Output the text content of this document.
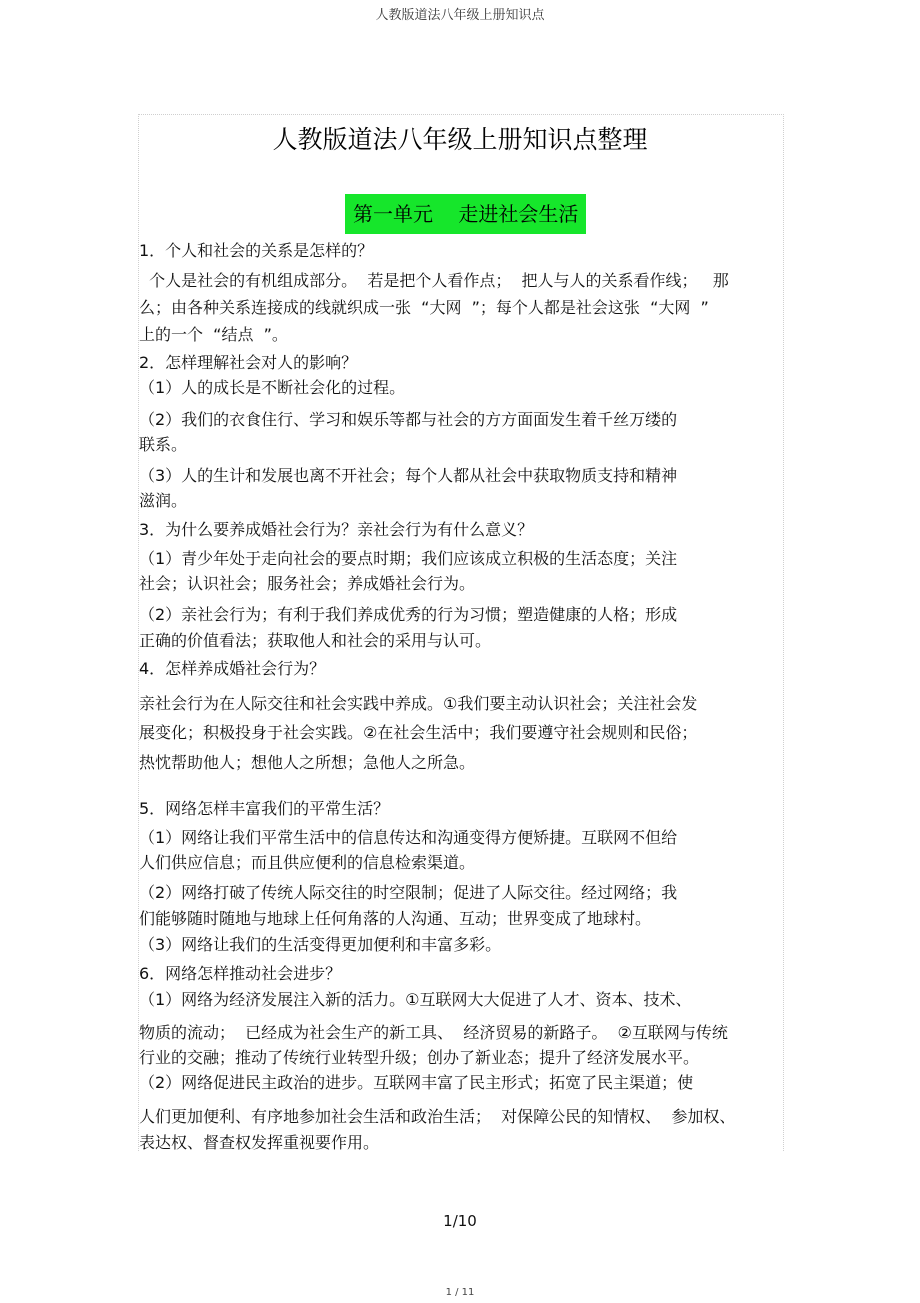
人教版道法八年级上册知识点
人教版道法八年级上册知识点整理
第一单元    走进社会生活
1．个人和社会的关系是怎样的？
个人是社会的有机组成部分。  若是把个人看作点；  把人与人的关系看作线；   那
么；由各种关系连接成的线就织成一张  “大网  ”；每个人都是社会这张  “大网  ”
上的一个  “结点  ”。
2．怎样理解社会对人的影响？
（1）人的成长是不断社会化的过程。
（2）我们的衣食住行、学习和娱乐等都与社会的方方面面发生着千丝万缕的
联系。
（3）人的生计和发展也离不开社会；每个人都从社会中获取物质支持和精神
滋润。
3．为什么要养成婚社会行为？亲社会行为有什么意义？
（1）青少年处于走向社会的要点时期；我们应该成立积极的生活态度；关注
社会；认识社会；服务社会；养成婚社会行为。
（2）亲社会行为；有利于我们养成优秀的行为习惯；塑造健康的人格；形成
正确的价值看法；获取他人和社会的采用与认可。
4．怎样养成婚社会行为？
亲社会行为在人际交往和社会实践中养成。①我们要主动认识社会；关注社会发
展变化；积极投身于社会实践。②在社会生活中；我们要遵守社会规则和民俗；
热忱帮助他人；想他人之所想；急他人之所急。
5．网络怎样丰富我们的平常生活？
（1）网络让我们平常生活中的信息传达和沟通变得方便矫捷。互联网不但给
人们供应信息；而且供应便利的信息检索渠道。
（2）网络打破了传统人际交往的时空限制；促进了人际交往。经过网络；我
们能够随时随地与地球上任何角落的人沟通、互动；世界变成了地球村。
（3）网络让我们的生活变得更加便利和丰富多彩。
6．网络怎样推动社会进步？
（1）网络为经济发展注入新的活力。①互联网大大促进了人才、资本、技术、
物质的流动；  已经成为社会生产的新工具、  经济贸易的新路子。  ②互联网与传统
行业的交融；推动了传统行业转型升级；创办了新业态；提升了经济发展水平。
（2）网络促进民主政治的进步。互联网丰富了民主形式；拓宽了民主渠道；使
人们更加便利、有序地参加社会生活和政治生活；  对保障公民的知情权、  参加权、
表达权、督查权发挥重视要作用。
1/10
1 / 11
